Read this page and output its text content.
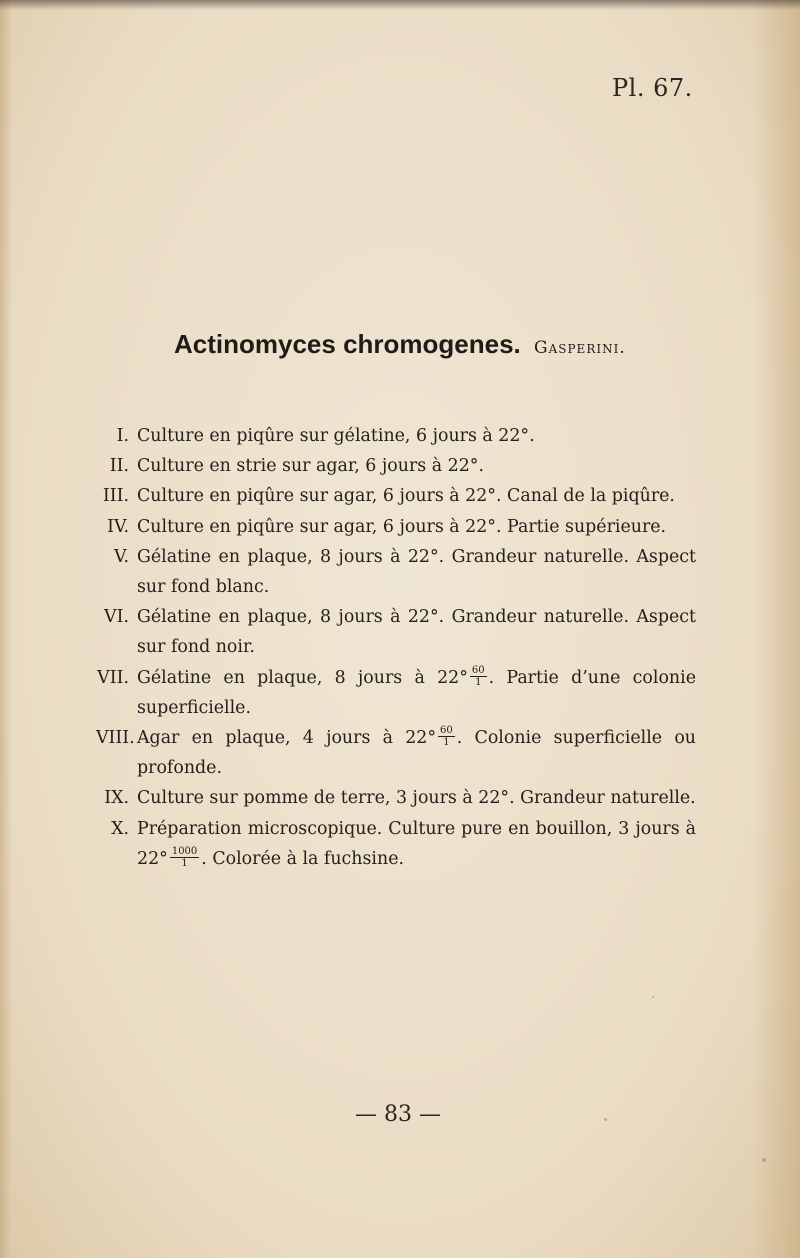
Pl. 67.
Actinomyces chromogenes. Gasperini.
I. Culture en piqûre sur gélatine, 6 jours à 22°.
II. Culture en strie sur agar, 6 jours à 22°.
III. Culture en piqûre sur agar, 6 jours à 22°. Canal de la piqûre.
IV. Culture en piqûre sur agar, 6 jours à 22°. Partie supérieure.
V. Gélatine en plaque, 8 jours à 22°. Grandeur naturelle. Aspect sur fond blanc.
VI. Gélatine en plaque, 8 jours à 22°. Grandeur naturelle. Aspect sur fond noir.
VII. Gélatine en plaque, 8 jours à $22^\circ \frac{60}{1}$ . Partie d’une colonie superficielle.
VIII. Agar en plaque, 4 jours à $22^\circ \frac{60}{1}$ . Colonie superficielle ou profonde.
IX. Culture sur pomme de terre, 3 jours à 22°. Grandeur naturelle.
X. Préparation microscopique. Culture pure en bouillon, 3 jours à $22^\circ \frac{1000}{1}$ . Colorée à la fuchsine.
— 83 —
